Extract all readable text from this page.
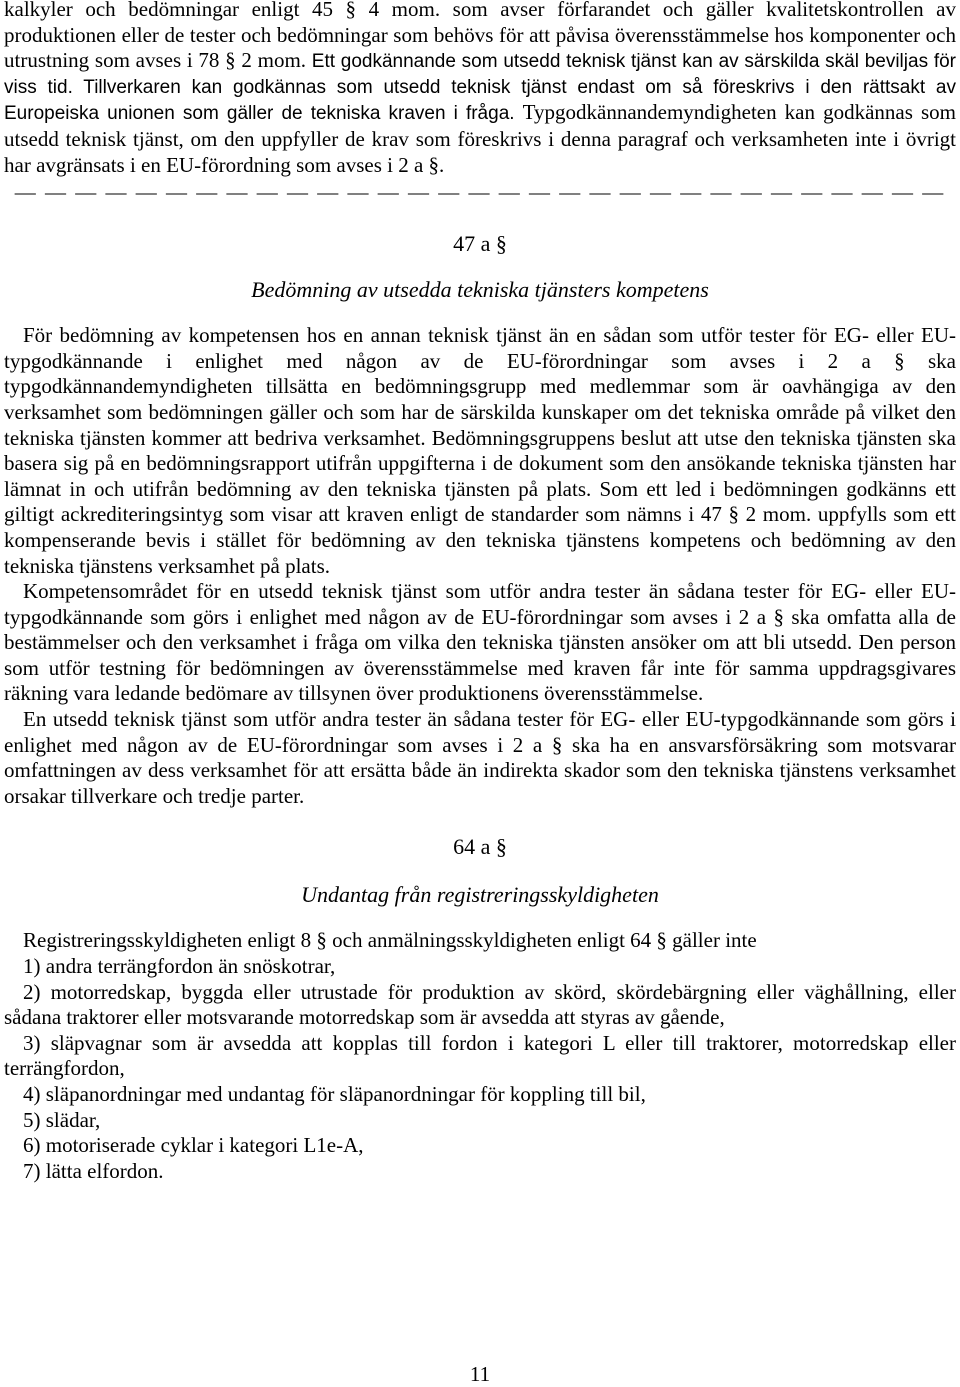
kalkyler och bedömningar enligt 45 § 4 mom. som avser förfarandet och gäller kvalitetskontrollen av produktionen eller de tester och bedömningar som behövs för att påvisa överensstämmelse hos komponenter och utrustning som avses i 78 § 2 mom. Ett godkännande som utsedd teknisk tjänst kan av särskilda skäl beviljas för viss tid. Tillverkaren kan godkännas som utsedd teknisk tjänst endast om så föreskrivs i den rättsakt av Europeiska unionen som gäller de tekniska kraven i fråga. Typgodkännandemyndigheten kan godkännas som utsedd teknisk tjänst, om den uppfyller de krav som föreskrivs i denna paragraf och verksamheten inte i övrigt har avgränsats i en EU-förordning som avses i 2 a §.

— — — — — — — — — — — — — — — — — — — — — — — — — — — — — — —

47 a §

Bedömning av utsedda tekniska tjänsters kompetens

För bedömning av kompetensen hos en annan teknisk tjänst än en sådan som utför tester för EG- eller EU-typgodkännande i enlighet med någon av de EU-förordningar som avses i 2 a § ska typgodkännandemyndigheten tillsätta en bedömningsgrupp med medlemmar som är oavhängiga av den verksamhet som bedömningen gäller och som har de särskilda kunskaper om det tekniska område på vilket den tekniska tjänsten kommer att bedriva verksamhet. Bedömningsgruppens beslut att utse den tekniska tjänsten ska basera sig på en bedömningsrapport utifrån uppgifterna i de dokument som den ansökande tekniska tjänsten har lämnat in och utifrån bedömning av den tekniska tjänsten på plats. Som ett led i bedömningen godkänns ett giltigt ackrediteringsintyg som visar att kraven enligt de standarder som nämns i 47 § 2 mom. uppfylls som ett kompenserande bevis i stället för bedömning av den tekniska tjänstens kompetens och bedömning av den tekniska tjänstens verksamhet på plats.

Kompetensområdet för en utsedd teknisk tjänst som utför andra tester än sådana tester för EG- eller EU-typgodkännande som görs i enlighet med någon av de EU-förordningar som avses i 2 a § ska omfatta alla de bestämmelser och den verksamhet i fråga om vilka den tekniska tjänsten ansöker om att bli utsedd. Den person som utför testning för bedömningen av överensstämmelse med kraven får inte för samma uppdragsgivares räkning vara ledande bedömare av tillsynen över produktionens överensstämmelse.

En utsedd teknisk tjänst som utför andra tester än sådana tester för EG- eller EU-typgodkännande som görs i enlighet med någon av de EU-förordningar som avses i 2 a § ska ha en ansvarsförsäkring som motsvarar omfattningen av dess verksamhet för att ersätta både än indirekta skador som den tekniska tjänstens verksamhet orsakar tillverkare och tredje parter.

64 a §

Undantag från registreringsskyldigheten

Registreringsskyldigheten enligt 8 § och anmälningsskyldigheten enligt 64 § gäller inte

1) andra terrängfordon än snöskotrar,

2) motorredskap, byggda eller utrustade för produktion av skörd, skördebärgning eller väghållning, eller sådana traktorer eller motsvarande motorredskap som är avsedda att styras av gående,

3) släpvagnar som är avsedda att kopplas till fordon i kategori L eller till traktorer, motorredskap eller terrängfordon,

4) släpanordningar med undantag för släpanordningar för koppling till bil,

5) slädar,

6) motoriserade cyklar i kategori L1e-A,

7) lätta elfordon.

11
